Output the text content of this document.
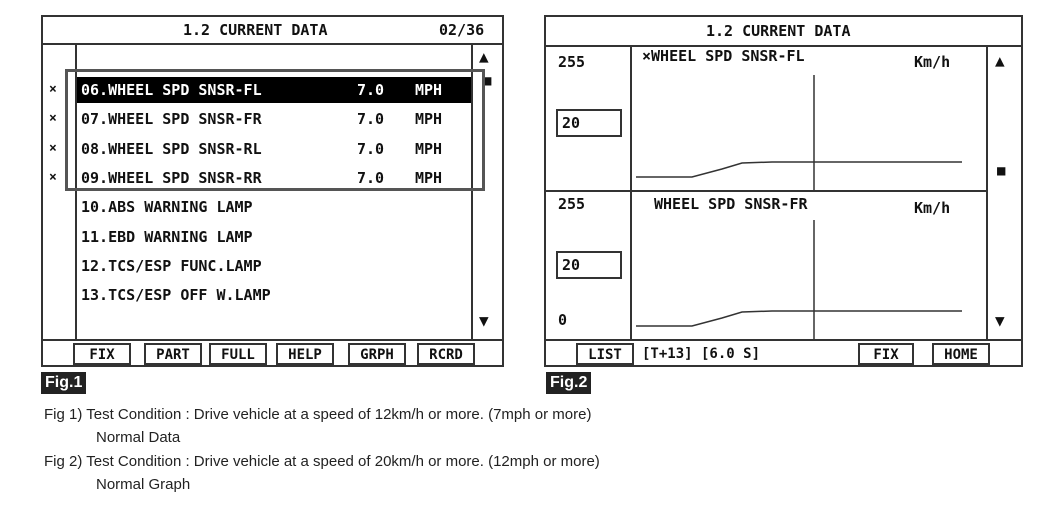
1.2 CURRENT DATA	02/36
▲
■
▼
× 06.WHEEL SPD SNSR-FL	7.0 MPH
× 07.WHEEL SPD SNSR-FR	7.0 MPH
× 08.WHEEL SPD SNSR-RL	7.0 MPH
× 09.WHEEL SPD SNSR-RR	7.0 MPH
10.ABS WARNING LAMP
11.EBD WARNING LAMP
12.TCS/ESP FUNC.LAMP
13.TCS/ESP OFF W.LAMP
FIX	PART	FULL	HELP	GRPH	RCRD
Fig.1
1.2 CURRENT DATA
255
20
×WHEEL SPD SNSR-FL	Km/h
255
20
0
WHEEL SPD SNSR-FR	Km/h
▲
■
▼
LIST	[T+13] [6.0 S]	FIX	HOME
Fig.2
Fig 1) Test Condition : Drive vehicle at a speed of 12km/h or more. (7mph or more)
Normal Data
Fig 2) Test Condition : Drive vehicle at a speed of 20km/h or more. (12mph or more)
Normal Graph
